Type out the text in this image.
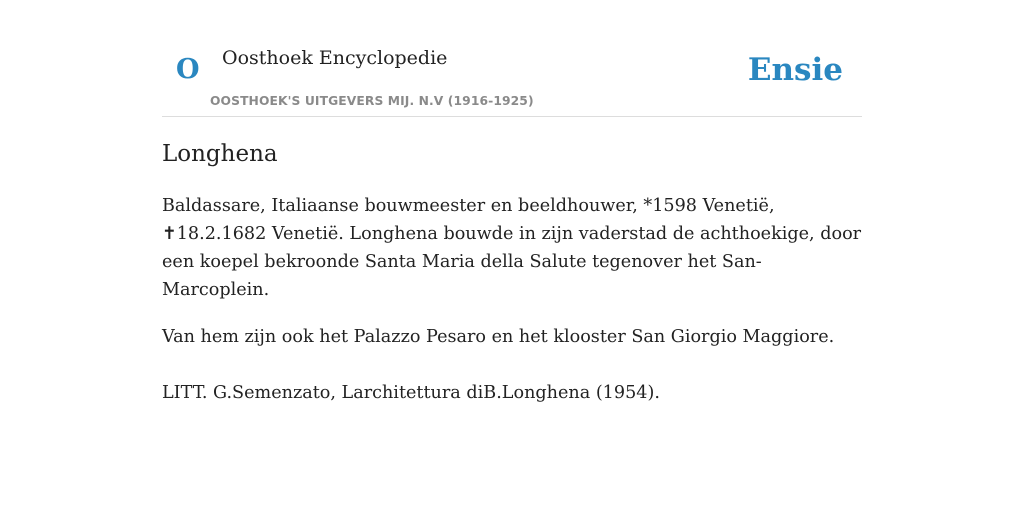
O Oosthoek Encyclopedie
OOSTHOEK'S UITGEVERS MIJ. N.V (1916-1925)
Ensie
Longhena

Baldassare, Italiaanse bouwmeester en beeldhouwer, *1598 Venetië, ✝18.2.1682 Venetië. Longhena bouwde in zijn vaderstad de achthoekige, door een koepel bekroonde Santa Maria della Salute tegenover het San-Marcoplein.

Van hem zijn ook het Palazzo Pesaro en het klooster San Giorgio Maggiore.

LITT. G.Semenzato, Larchitettura diB.Longhena (1954).
